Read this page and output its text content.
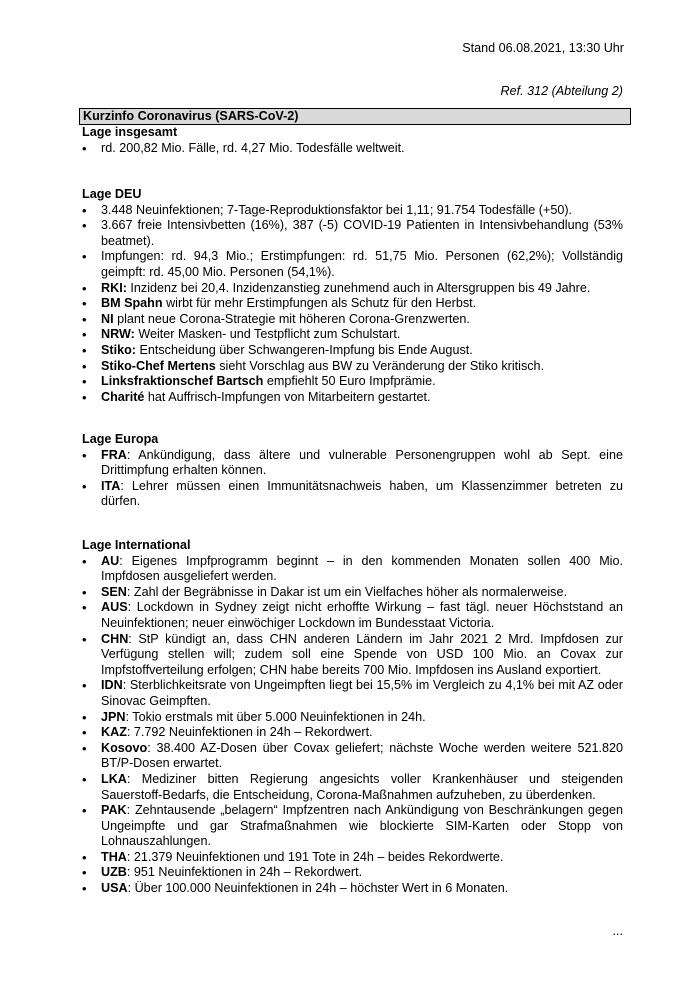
Stand 06.08.2021, 13:30 Uhr
Ref. 312 (Abteilung 2)
Kurzinfo Coronavirus (SARS-CoV-2)
Lage insgesamt
• rd. 200,82 Mio. Fälle, rd. 4,27 Mio. Todesfälle weltweit.
Lage DEU
• 3.448 Neuinfektionen; 7-Tage-Reproduktionsfaktor bei 1,11; 91.754 Todesfälle (+50).
• 3.667 freie Intensivbetten (16%), 387 (-5) COVID-19 Patienten in Intensivbehandlung (53% beatmet).
• Impfungen: rd. 94,3 Mio.; Erstimpfungen: rd. 51,75 Mio. Personen (62,2%); Vollständig geimpft: rd. 45,00 Mio. Personen (54,1%).
• RKI: Inzidenz bei 20,4. Inzidenzanstieg zunehmend auch in Altersgruppen bis 49 Jahre.
• BM Spahn wirbt für mehr Erstimpfungen als Schutz für den Herbst.
• NI plant neue Corona-Strategie mit höheren Corona-Grenzwerten.
• NRW: Weiter Masken- und Testpflicht zum Schulstart.
• Stiko: Entscheidung über Schwangeren-Impfung bis Ende August.
• Stiko-Chef Mertens sieht Vorschlag aus BW zu Veränderung der Stiko kritisch.
• Linksfraktionschef Bartsch empfiehlt 50 Euro Impfprämie.
• Charité hat Auffrisch-Impfungen von Mitarbeitern gestartet.
Lage Europa
• FRA: Ankündigung, dass ältere und vulnerable Personengruppen wohl ab Sept. eine Drittimpfung erhalten können.
• ITA: Lehrer müssen einen Immunitätsnachweis haben, um Klassenzimmer betreten zu dürfen.
Lage International
• AU: Eigenes Impfprogramm beginnt – in den kommenden Monaten sollen 400 Mio. Impfdosen ausgeliefert werden.
• SEN: Zahl der Begräbnisse in Dakar ist um ein Vielfaches höher als normalerweise.
• AUS: Lockdown in Sydney zeigt nicht erhoffte Wirkung – fast tägl. neuer Höchststand an Neuinfektionen; neuer einwöchiger Lockdown im Bundesstaat Victoria.
• CHN: StP kündigt an, dass CHN anderen Ländern im Jahr 2021 2 Mrd. Impfdosen zur Verfügung stellen will; zudem soll eine Spende von USD 100 Mio. an Covax zur Impfstoffverteilung erfolgen; CHN habe bereits 700 Mio. Impfdosen ins Ausland exportiert.
• IDN: Sterblichkeitsrate von Ungeimpften liegt bei 15,5% im Vergleich zu 4,1% bei mit AZ oder Sinovac Geimpften.
• JPN: Tokio erstmals mit über 5.000 Neuinfektionen in 24h.
• KAZ: 7.792 Neuinfektionen in 24h – Rekordwert.
• Kosovo: 38.400 AZ-Dosen über Covax geliefert; nächste Woche werden weitere 521.820 BT/P-Dosen erwartet.
• LKA: Mediziner bitten Regierung angesichts voller Krankenhäuser und steigenden Sauerstoff-Bedarfs, die Entscheidung, Corona-Maßnahmen aufzuheben, zu überdenken.
• PAK: Zehntausende „belagern“ Impfzentren nach Ankündigung von Beschränkungen gegen Ungeimpfte und gar Strafmaßnahmen wie blockierte SIM-Karten oder Stopp von Lohnauszahlungen.
• THA: 21.379 Neuinfektionen und 191 Tote in 24h – beides Rekordwerte.
• UZB: 951 Neuinfektionen in 24h – Rekordwert.
• USA: Über 100.000 Neuinfektionen in 24h – höchster Wert in 6 Monaten.
...
